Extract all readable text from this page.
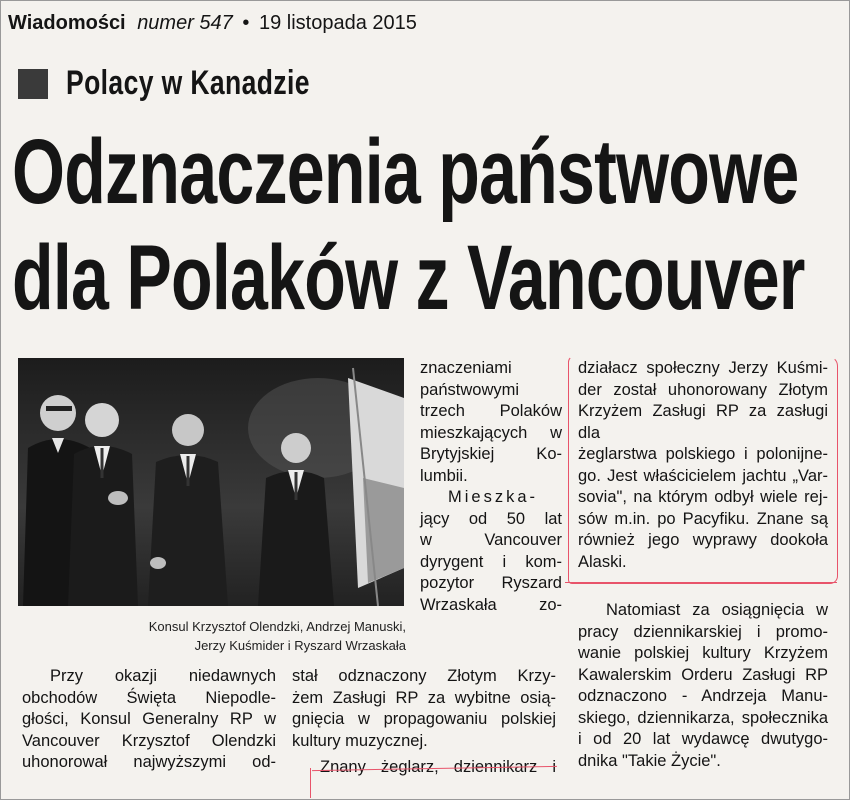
Wiadomości numer 547 • 19 listopada 2015
Polacy w Kanadzie
Odznaczenia państwowe
dla Polaków z Vancouver
Konsul Krzysztof Olendzki, Andrzej Manuski,
Jerzy Kuśmider i Ryszard Wrzaskała

znaczeniami

państwowymi

trzech Polaków

mieszkających w

Brytyjskiej Ko-

lumbii.

Mieszka-

jący od 50 lat

w Vancouver

dyrygent i kom-

pozytor Ryszard

Wrzaskała zo-

Przy okazji niedawnych

obchodów Święta Niepodle-

głości, Konsul Generalny RP w

Vancouver Krzysztof Olendzki

uhonorował najwyższymi od-

stał odznaczony Złotym Krzy-

żem Zasługi RP za wybitne osią-

gnięcia w propagowaniu polskiej

kultury muzycznej.

Znany żeglarz, dziennikarz i

działacz społeczny Jerzy Kuśmi-

der został uhonorowany Złotym

Krzyżem Zasługi RP za zasługi dla

żeglarstwa polskiego i polonijne-

go. Jest właścicielem jachtu „Var-

sovia", na którym odbył wiele rej-

sów m.in. po Pacyfiku. Znane są

również jego wyprawy dookoła

Alaski.

Natomiast za osiągnięcia w

pracy dziennikarskiej i promo-

wanie polskiej kultury Krzyżem

Kawalerskim Orderu Zasługi RP

odznaczono - Andrzeja Manu-

skiego, dziennikarza, społecznika

i od 20 lat wydawcę dwutygo-

dnika "Takie Życie".
